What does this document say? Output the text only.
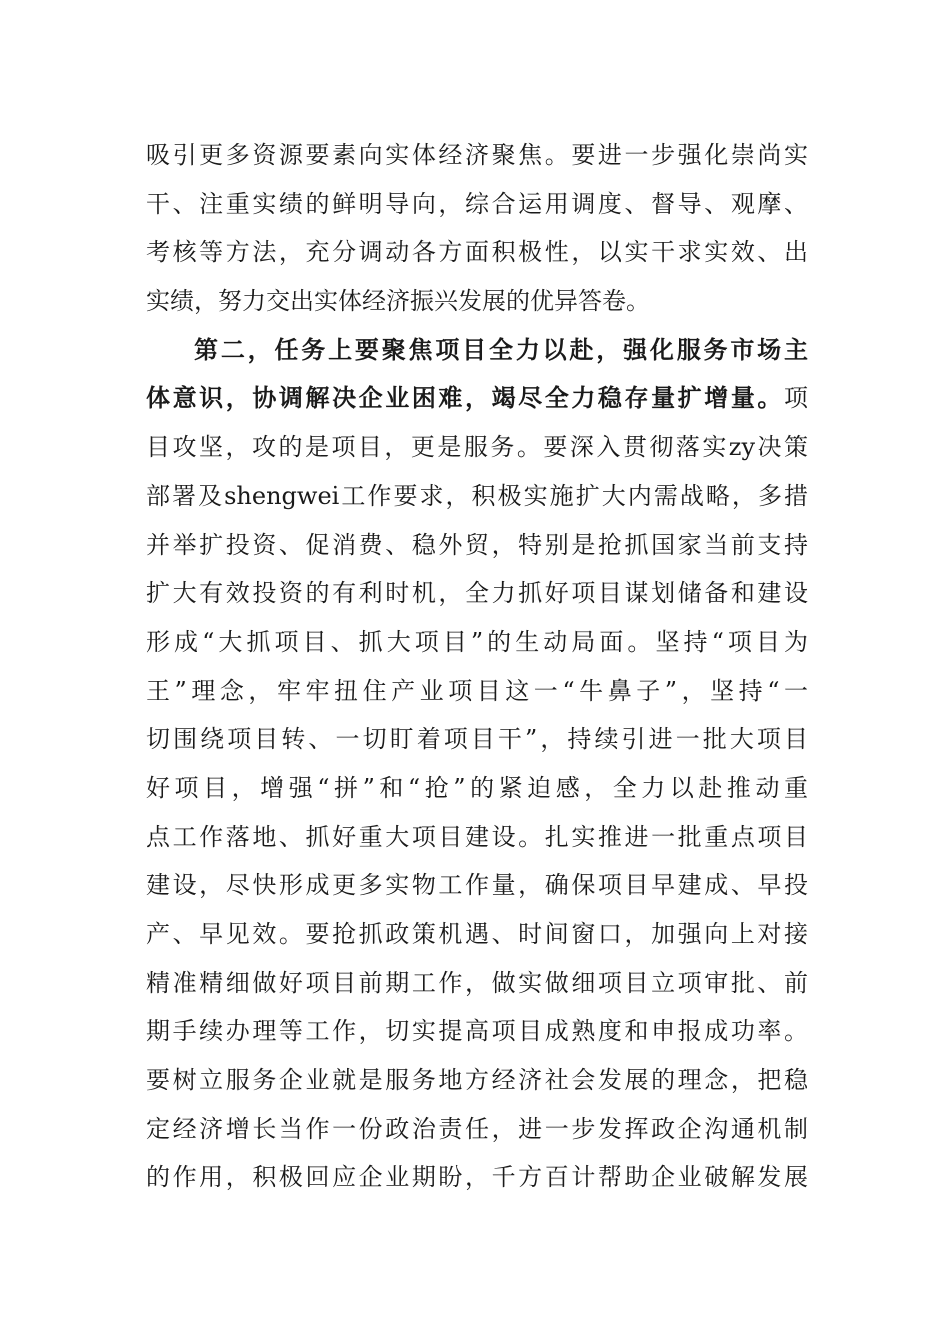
吸引更多资源要素向实体经济聚焦。要进一步强化崇尚实
干、注重实绩的鲜明导向，综合运用调度、督导、观摩、
考核等方法，充分调动各方面积极性，以实干求实效、出
实绩，努力交出实体经济振兴发展的优异答卷。
第二，任务上要聚焦项目全力以赴，强化服务市场主
体意识，协调解决企业困难，竭尽全力稳存量扩增量。项
目攻坚，攻的是项目，更是服务。要深入贯彻落实zy决策
部署及shengwei工作要求，积极实施扩大内需战略，多措
并举扩投资、促消费、稳外贸，特别是抢抓国家当前支持
扩大有效投资的有利时机，全力抓好项目谋划储备和建设
形成“大抓项目、抓大项目”的生动局面。坚持“项目为
王”理念，牢牢扭住产业项目这一“牛鼻子”，坚持“一
切围绕项目转、一切盯着项目干”，持续引进一批大项目
好项目，增强“拼”和“抢”的紧迫感，全力以赴推动重
点工作落地、抓好重大项目建设。扎实推进一批重点项目
建设，尽快形成更多实物工作量，确保项目早建成、早投
产、早见效。要抢抓政策机遇、时间窗口，加强向上对接
精准精细做好项目前期工作，做实做细项目立项审批、前
期手续办理等工作，切实提高项目成熟度和申报成功率。
要树立服务企业就是服务地方经济社会发展的理念，把稳
定经济增长当作一份政治责任，进一步发挥政企沟通机制
的作用，积极回应企业期盼，千方百计帮助企业破解发展
